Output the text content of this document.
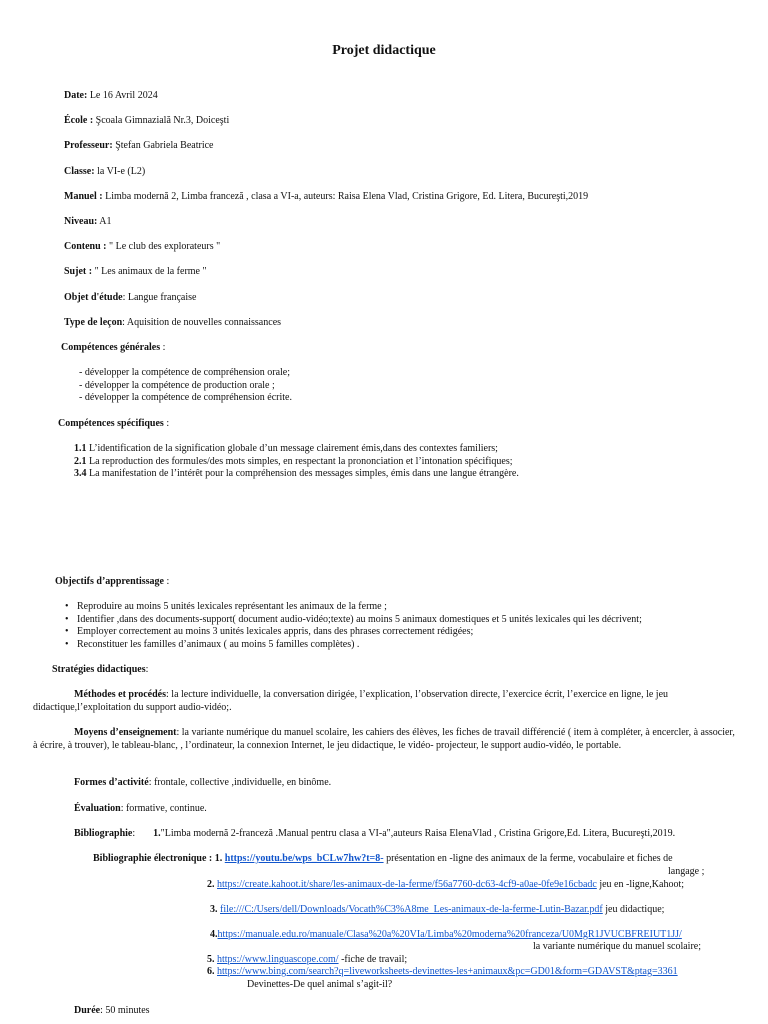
Projet didactique
Date: Le 16 Avril 2024
École : Şcoala Gimnazială Nr.3, Doiceşti
Professeur: Ştefan Gabriela Beatrice
Classe: la VI-e (L2)
Manuel : Limba modernă 2, Limba franceză , clasa a VI-a, auteurs: Raisa Elena Vlad, Cristina Grigore, Ed. Litera, Bucureşti,2019
Niveau: A1
Contenu : " Le club des explorateurs "
Sujet : " Les animaux de la ferme "
Objet d'étude: Langue française
Type de leçon: Aquisition de nouvelles connaissances
Compétences générales :
- développer la compétence de compréhension orale;
- développer la compétence de production orale ;
- développer la compétence de compréhension écrite.
Compétences spécifiques :
1.1 L’identification de la signification globale d’un message clairement émis,dans des contextes familiers;
2.1 La reproduction des formules/des mots simples, en respectant la prononciation et l’intonation spécifiques;
3.4 La manifestation de l’intérêt pour la compréhension des messages simples, émis dans une langue étrangère.
Objectifs d’apprentissage :
• Reproduire au moins 5 unités lexicales représentant les animaux de la ferme ;
• Identifier ,dans des documents-support( document audio-vidéo;texte) au moins 5 animaux domestiques et 5 unités lexicales qui les décrivent;
• Employer correctement au moins 3 unités lexicales appris, dans des phrases correctement rédigées;
• Reconstituer les familles d’animaux ( au moins 5 familles complètes) .
Stratégies didactiques:
Méthodes et procédés: la lecture individuelle, la conversation dirigée, l’explication, l’observation directe, l’exercice écrit, l’exercice en ligne, le jeu didactique,l’exploitation du support audio-vidéo;.
Moyens d’enseignement: la variante numérique du manuel scolaire, les cahiers des élèves, les fiches de travail différencié ( item à compléter, à encercler, à associer, à écrire, à trouver), le tableau-blanc, , l’ordinateur, la connexion Internet, le jeu didactique, le vidéo- projecteur, le support audio-vidéo, le portable.
Formes d’activité: frontale, collective ,individuelle, en binôme.
Évaluation: formative, continue.
Bibliographie: 1."Limba modernă 2-franceză .Manual pentru clasa a VI-a",auteurs Raisa ElenaVlad , Cristina Grigore,Ed. Litera, Bucureşti,2019.
Bibliographie électronique : 1. https://youtu.be/wps_bCLw7hw?t=8- présentation en -ligne des animaux de la ferme, vocabulaire et fiches de
langage ;
2. https://create.kahoot.it/share/les-animaux-de-la-ferme/f56a7760-dc63-4cf9-a0ae-0fe9e16cbadc jeu en -ligne,Kahoot;
3. file:///C:/Users/dell/Downloads/Vocath%C3%A8me_Les-animaux-de-la-ferme-Lutin-Bazar.pdf jeu didactique;
4.https://manuale.edu.ro/manuale/Clasa%20a%20VIa/Limba%20moderna%20franceza/U0MgR1JVUCBFREIUT1JJ/
la variante numérique du manuel scolaire;
5. https://www.linguascope.com/ -fiche de travail;
6. https://www.bing.com/search?q=liveworksheets-devinettes-les+animaux&pc=GD01&form=GDAVST&ptag=3361
Devinettes-De quel animal s’agit-il?
Durée: 50 minutes
